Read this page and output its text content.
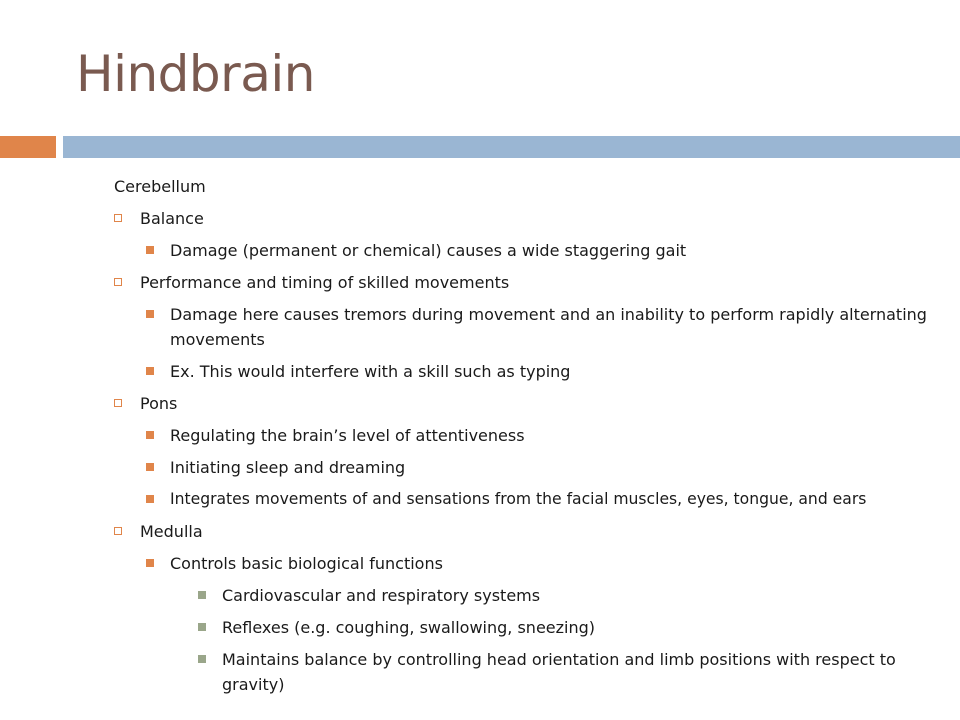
Hindbrain
Cerebellum
Balance
Damage (permanent or chemical) causes a wide staggering gait
Performance and timing of skilled movements
Damage here causes tremors during movement and an inability to perform rapidly alternating movements
Ex. This would interfere with a skill such as typing
Pons
Regulating the brain’s level of attentiveness
Initiating sleep and dreaming
Integrates movements of and sensations from the facial muscles, eyes, tongue, and ears
Medulla
Controls basic biological functions
Cardiovascular and respiratory systems
Reflexes (e.g. coughing, swallowing, sneezing)
Maintains balance by controlling head orientation and limb positions with respect to gravity)
